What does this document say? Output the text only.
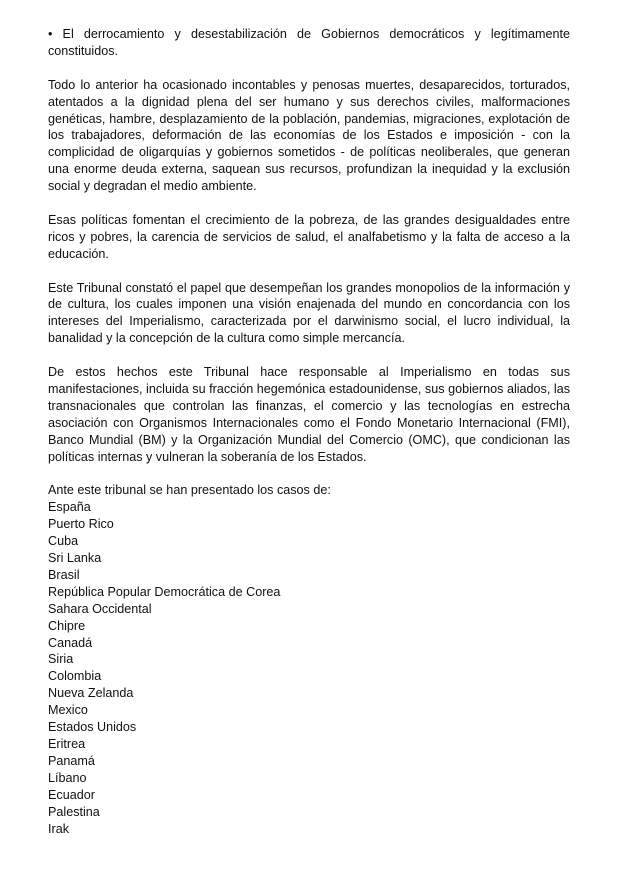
• El derrocamiento y desestabilización de Gobiernos democráticos y legítimamente constituidos.

Todo lo anterior ha ocasionado incontables y penosas muertes, desaparecidos, torturados, atentados a la dignidad plena del ser humano y sus derechos civiles, malformaciones genéticas, hambre, desplazamiento de la población, pandemias, migraciones, explotación de los trabajadores, deformación de las economías de los Estados e imposición - con la complicidad de oligarquías y gobiernos sometidos - de políticas neoliberales, que generan una enorme deuda externa, saquean sus recursos, profundizan la inequidad y la exclusión social y degradan el medio ambiente.

Esas políticas fomentan el crecimiento de la pobreza, de las grandes desigualdades entre ricos y pobres, la carencia de servicios de salud, el analfabetismo y la falta de acceso a la educación.

Este Tribunal constató el papel que desempeñan los grandes monopolios de la información y de cultura, los cuales imponen una visión enajenada del mundo en concordancia con los intereses del Imperialismo, caracterizada por el darwinismo social, el lucro individual, la banalidad y la concepción de la cultura como simple mercancía.

De estos hechos este Tribunal hace responsable al Imperialismo en todas sus manifestaciones, incluida su fracción hegemónica estadounidense, sus gobiernos aliados, las transnacionales que controlan las finanzas, el comercio y las tecnologías en estrecha asociación con Organismos Internacionales como el Fondo Monetario Internacional (FMI), Banco Mundial (BM) y la Organización Mundial del Comercio (OMC), que condicionan las políticas internas y vulneran la soberanía de los Estados.

Ante este tribunal se han presentado los casos de:

España
Puerto Rico
Cuba
Sri Lanka
Brasil
República Popular Democrática de Corea
Sahara Occidental
Chipre
Canadá
Siria
Colombia
Nueva Zelanda
Mexico
Estados Unidos
Eritrea
Panamá
Líbano
Ecuador
Palestina
Irak
